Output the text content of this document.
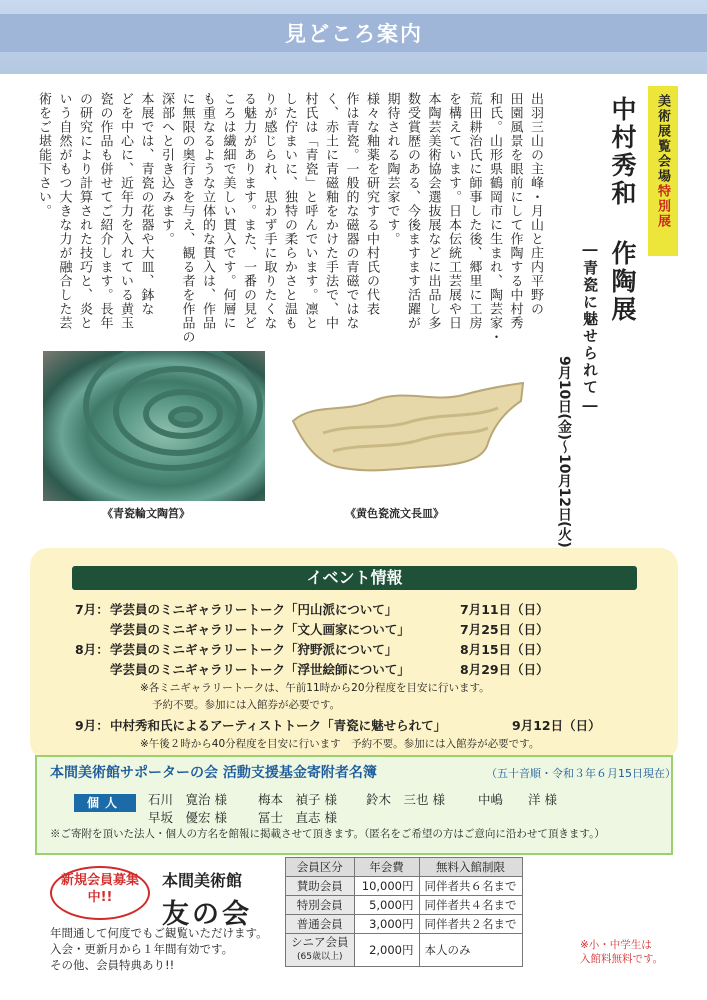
見どころ案内
出羽三山の主峰・月山と庄内平野の
田園風景を眼前にして作陶する中村秀
和氏。山形県鶴岡市に生まれ、陶芸家・
荒田耕治氏に師事した後、郷里に工房
を構えています。日本伝統工芸展や日
本陶芸美術協会選抜展などに出品し多
数受賞歴のある、今後ますます活躍が
期待される陶芸家です。
様々な釉薬を研究する中村氏の代表
作は青瓷。一般的な磁器の青磁ではな
く、赤土に青磁釉をかけた手法で、中
村氏は「青瓷」と呼んでいます。凛と
した佇まいに、独特の柔らかさと温も
りが感じられ、思わず手に取りたくな
る魅力があります。また、一番の見ど
ころは繊細で美しい貫入です。何層に
も重なるような立体的な貫入は、作品
に無限の奥行きを与え、観る者を作品の
深部へと引き込みます。
本展では、青瓷の花器や大皿、鉢な
どを中心に、近年力を入れている黄玉
瓷の作品も併せてご紹介します。長年
の研究により計算された技巧と、炎と
いう自然がもつ大きな力が融合した芸
術をご堪能下さい。	美術展覧会場特別展
中村秀和 作陶展
―青瓷に魅せられて―
9月10日(金)～10月12日(火)
《青瓷輪文陶筥》	《黄色瓷流文長皿》
イベント情報
7月： 学芸員のミニギャラリートーク「円山派について」	7月11日（日）
学芸員のミニギャラリートーク「文人画家について」	7月25日（日）
8月： 学芸員のミニギャラリートーク「狩野派について」	8月15日（日）
学芸員のミニギャラリートーク「浮世絵師について」	8月29日（日）
※各ミニギャラリートークは、午前11時から20分程度を目安に行います。
予約不要。参加には入館券が必要です。
9月： 中村秀和氏によるアーティストトーク「青瓷に魅せられて」	9月12日（日）
※午後２時から40分程度を目安に行います　予約不要。参加には入館券が必要です。
本間美術館サポーターの会 活動支援基金寄附者名簿	（五十音順・令和３年６月15日現在）
個人	石川　寛治 様 梅本　禎子 様 鈴木　三也 様	中嶋　　洋 様
早坂　優宏 様 冨士　直志 様
※ご寄附を頂いた法人・個人の方名を館報に掲載させて頂きます。（匿名をご希望の方はご意向に沿わせて頂きます。）
新規会員募集中!!
本間美術館
友の会
年間通して何度でもご観覧いただけます。
入会・更新月から１年間有効です。
その他、会員特典あり!!
会員区分	年会費	無料入館制限
賛助会員	10,000円	同伴者共６名まで
特別会員	5,000円	同伴者共４名まで
普通会員	3,000円	同伴者共２名まで
シニア会員
(65歳以上)	2,000円	本人のみ	※小・中学生は
入館料無料です。
